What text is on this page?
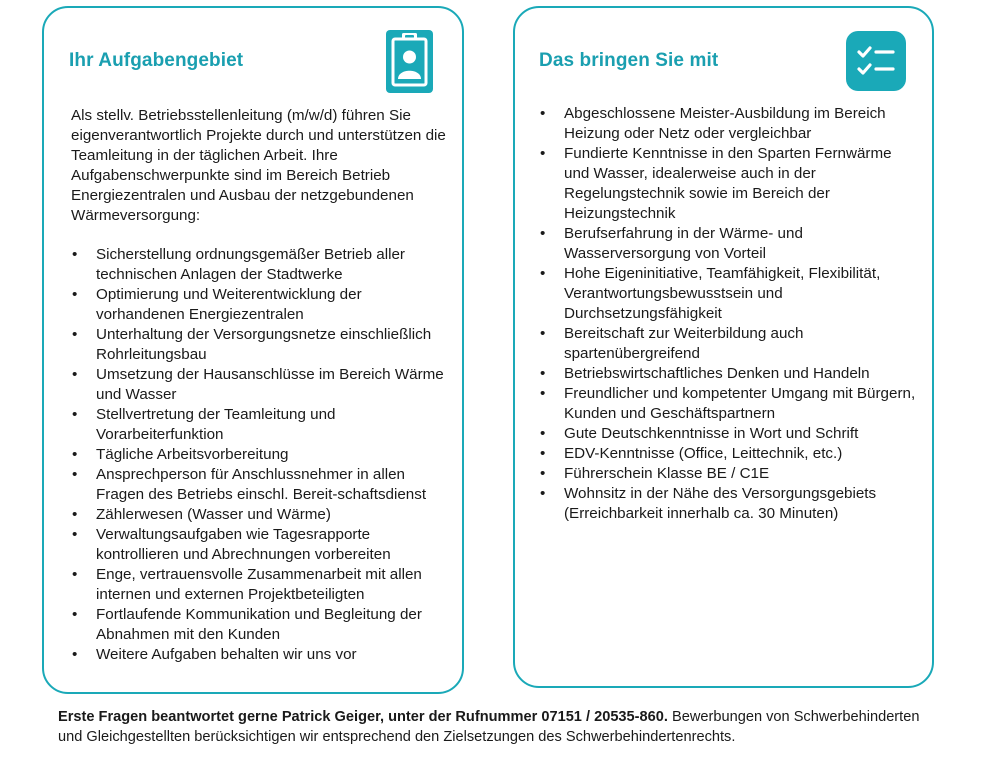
Ihr Aufgabengebiet

Als stellv. Betriebsstellenleitung (m/w/d) führen Sie eigenverantwortlich Projekte durch und unterstützen die Teamleitung in der täglichen Arbeit. Ihre Aufgabenschwerpunkte sind im Bereich Betrieb Energiezentralen und Ausbau der netzgebundenen Wärmeversorgung:

• Sicherstellung ordnungsgemäßer Betrieb aller technischen Anlagen der Stadtwerke
• Optimierung und Weiterentwicklung der vorhandenen Energiezentralen
• Unterhaltung der Versorgungsnetze einschließlich Rohrleitungsbau
• Umsetzung der Hausanschlüsse im Bereich Wärme und Wasser
• Stellvertretung der Teamleitung und Vorarbeiterfunktion
• Tägliche Arbeitsvorbereitung
• Ansprechperson für Anschlussnehmer in allen Fragen des Betriebs einschl. Bereit-schaftsdienst
• Zählerwesen (Wasser und Wärme)
• Verwaltungsaufgaben wie Tagesrapporte kontrollieren und Abrechnungen vorbereiten
• Enge, vertrauensvolle Zusammenarbeit mit allen internen und externen Projektbeteiligten
• Fortlaufende Kommunikation und Begleitung der Abnahmen mit den Kunden
• Weitere Aufgaben behalten wir uns vor
Das bringen Sie mit
• Abgeschlossene Meister-Ausbildung im Bereich Heizung oder Netz oder vergleichbar
• Fundierte Kenntnisse in den Sparten Fernwärme und Wasser, idealerweise auch in der Regelungstechnik sowie im Bereich der Heizungstechnik
• Berufserfahrung in der Wärme- und Wasserversorgung von Vorteil
• Hohe Eigeninitiative, Teamfähigkeit, Flexibilität, Verantwortungsbewusstsein und Durchsetzungsfähigkeit
• Bereitschaft zur Weiterbildung auch spartenübergreifend
• Betriebswirtschaftliches Denken und Handeln
• Freundlicher und kompetenter Umgang mit Bürgern, Kunden und Geschäftspartnern
• Gute Deutschkenntnisse in Wort und Schrift
• EDV-Kenntnisse (Office, Leittechnik, etc.)
• Führerschein Klasse BE / C1E
• Wohnsitz in der Nähe des Versorgungsgebiets (Erreichbarkeit innerhalb ca. 30 Minuten)
Erste Fragen beantwortet gerne Patrick Geiger, unter der Rufnummer 07151 / 20535-860. Bewerbungen von Schwerbehinderten und Gleichgestellten berücksichtigen wir entsprechend den Zielsetzungen des Schwerbehindertenrechts.
